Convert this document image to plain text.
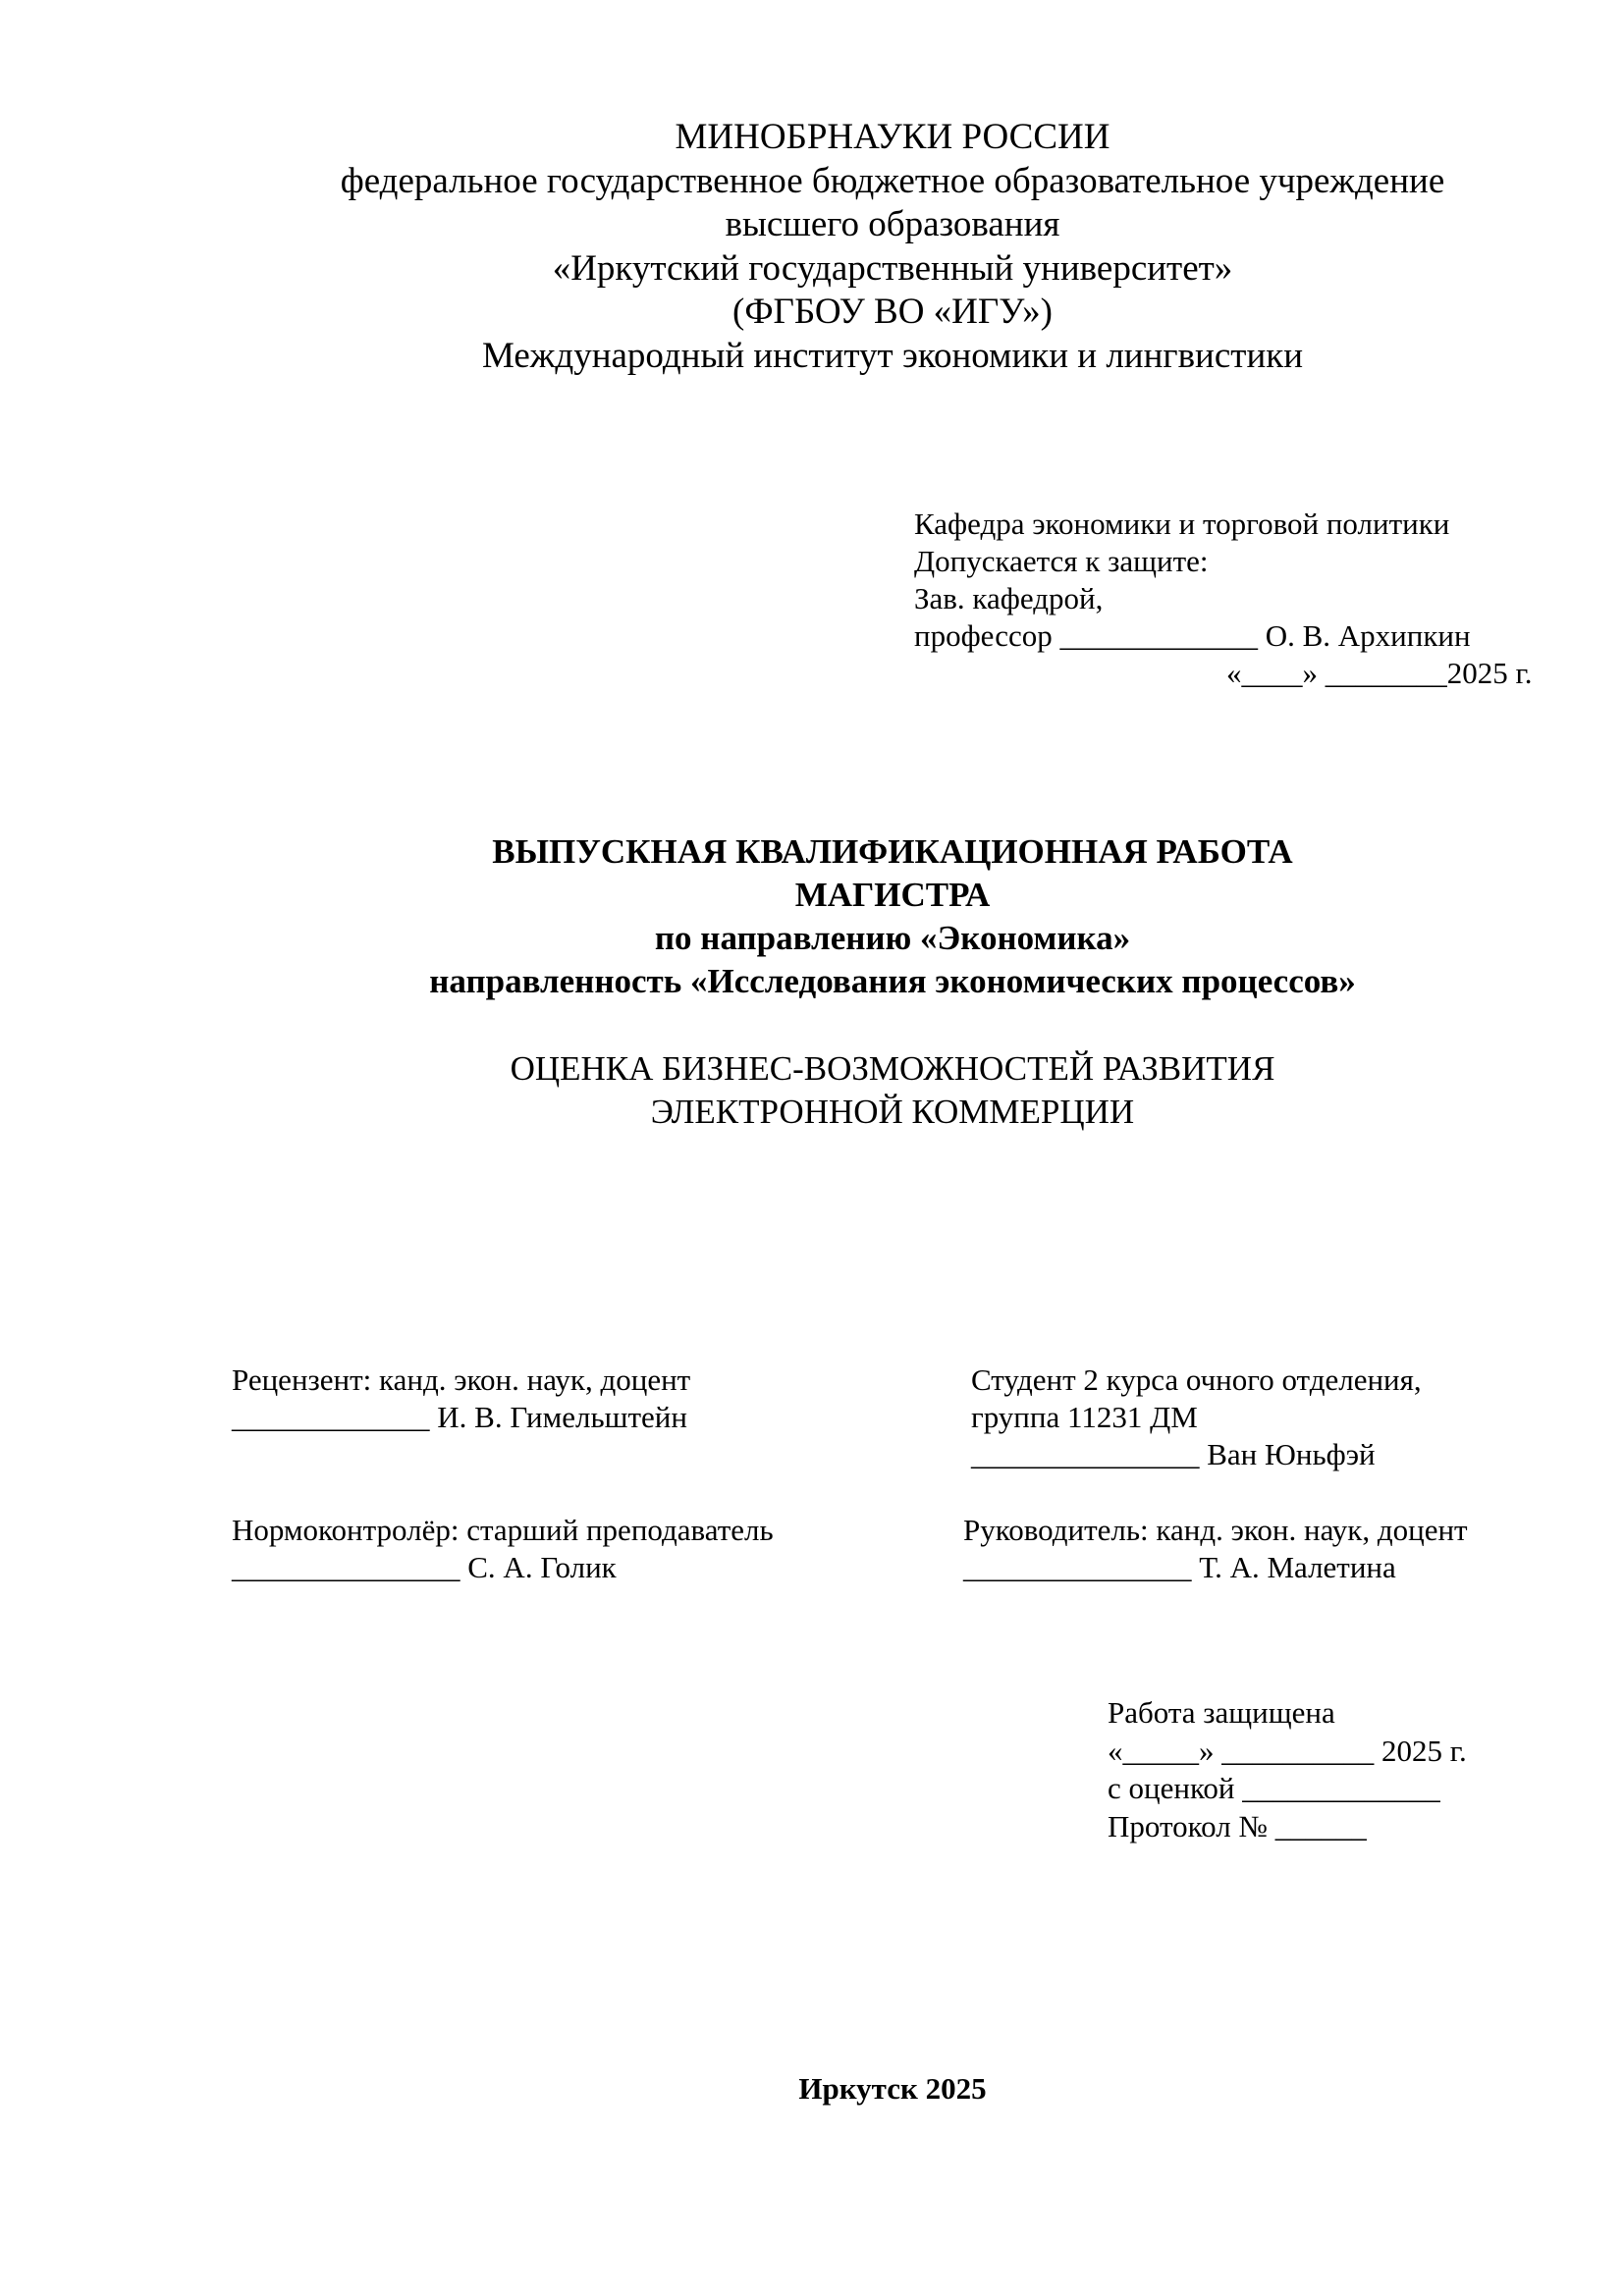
МИНОБРНАУКИ РОССИИ
федеральное государственное бюджетное образовательное учреждение
высшего образования
«Иркутский государственный университет»
(ФГБОУ ВО «ИГУ»)
Международный институт экономики и лингвистики
Кафедра экономики и торговой политики
Допускается к защите:
Зав. кафедрой,
профессор _____________ О. В. Архипкин
«____» ________2025 г.
ВЫПУСКНАЯ КВАЛИФИКАЦИОННАЯ РАБОТА
МАГИСТРА
по направлению «Экономика»
направленность «Исследования экономических процессов»
ОЦЕНКА БИЗНЕС-ВОЗМОЖНОСТЕЙ РАЗВИТИЯ
ЭЛЕКТРОННОЙ КОММЕРЦИИ
Рецензент: канд. экон. наук, доцент
_____________ И. В. Гимельштейн
Студент 2 курса очного отделения,
группа 11231 ДМ
_______________ Ван Юньфэй
Нормоконтролёр: старший преподаватель
_______________ С. А. Голик
Руководитель: канд. экон. наук, доцент
_______________ Т. А. Малетина
Работа защищена
«_____» __________ 2025 г.
с оценкой _____________
Протокол № ______
Иркутск 2025
